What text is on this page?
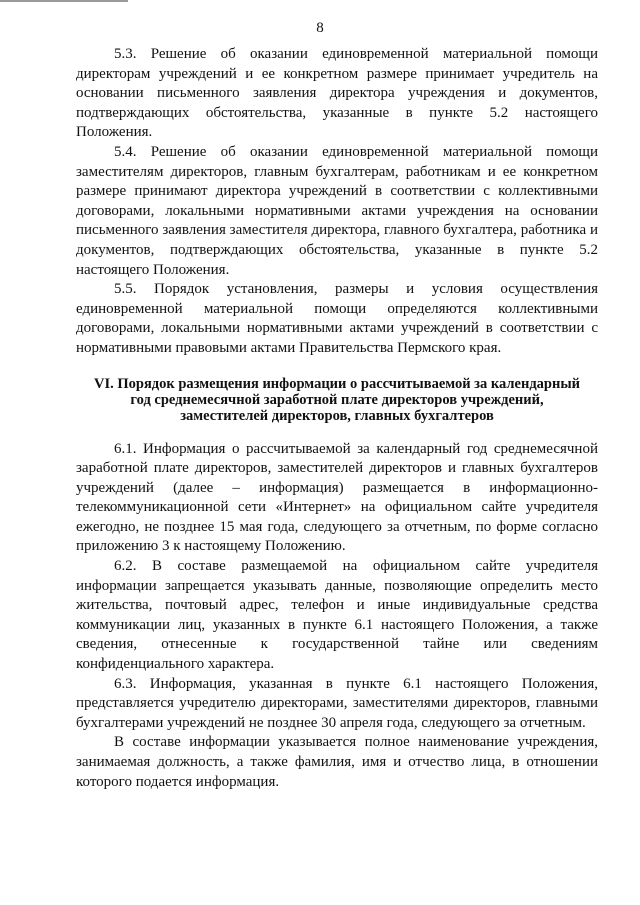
8

5.3. Решение об оказании единовременной материальной помощи директорам учреждений и ее конкретном размере принимает учредитель на основании письменного заявления директора учреждения и документов, подтверждающих обстоятельства, указанные в пункте 5.2 настоящего Положения.

5.4. Решение об оказании единовременной материальной помощи заместителям директоров, главным бухгалтерам, работникам и ее конкретном размере принимают директора учреждений в соответствии с коллективными договорами, локальными нормативными актами учреждения на основании письменного заявления заместителя директора, главного бухгалтера, работника и документов, подтверждающих обстоятельства, указанные в пункте 5.2 настоящего Положения.

5.5. Порядок установления, размеры и условия осуществления единовременной материальной помощи определяются коллективными договорами, локальными нормативными актами учреждений в соответствии с нормативными правовыми актами Правительства Пермского края.

VI. Порядок размещения информации о рассчитываемой за календарный
год среднемесячной заработной плате директоров учреждений,
заместителей директоров, главных бухгалтеров

6.1. Информация о рассчитываемой за календарный год среднемесячной заработной плате директоров, заместителей директоров и главных бухгалтеров учреждений (далее – информация) размещается в информационно-телекоммуникационной сети «Интернет» на официальном сайте учредителя ежегодно, не позднее 15 мая года, следующего за отчетным, по форме согласно приложению 3 к настоящему Положению.

6.2. В составе размещаемой на официальном сайте учредителя информации запрещается указывать данные, позволяющие определить место жительства, почтовый адрес, телефон и иные индивидуальные средства коммуникации лиц, указанных в пункте 6.1 настоящего Положения, а также сведения, отнесенные к государственной тайне или сведениям конфиденциального характера.

6.3. Информация, указанная в пункте 6.1 настоящего Положения, представляется учредителю директорами, заместителями директоров, главными бухгалтерами учреждений не позднее 30 апреля года, следующего за отчетным.

В составе информации указывается полное наименование учреждения, занимаемая должность, а также фамилия, имя и отчество лица, в отношении которого подается информация.
